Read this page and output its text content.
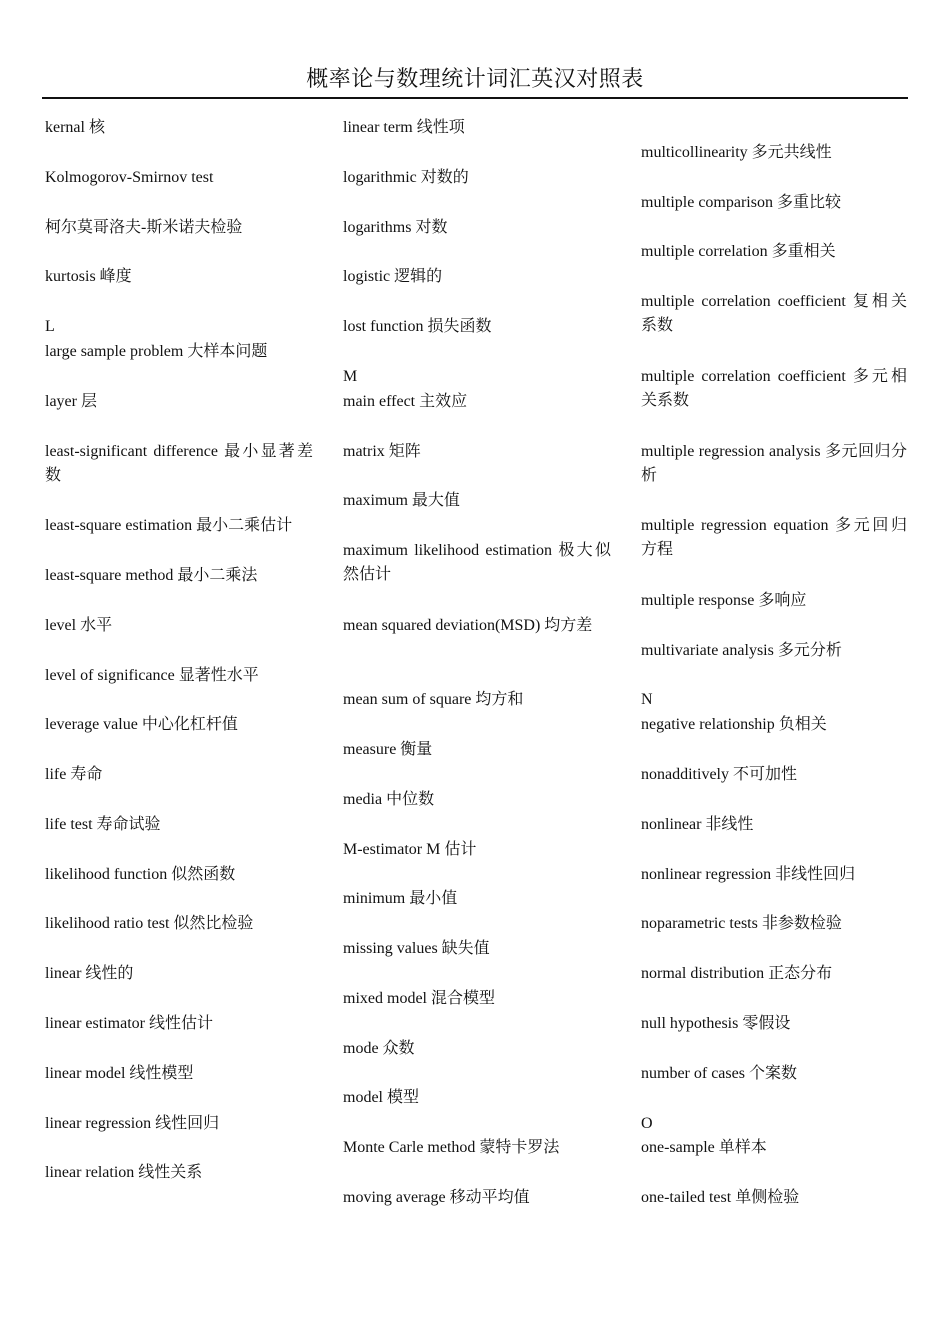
概率论与数理统计词汇英汉对照表
kernal 核
Kolmogorov-Smirnov test
柯尔莫哥洛夫-斯米诺夫检验
kurtosis 峰度
L
large sample problem 大样本问题
layer 层
least-significant difference 最小显著差数
least-square estimation 最小二乘估计
least-square method 最小二乘法
level 水平
level of significance 显著性水平
leverage value 中心化杠杆值
life 寿命
life test 寿命试验
likelihood function 似然函数
likelihood ratio test 似然比检验
linear 线性的
linear estimator 线性估计
linear model 线性模型
linear regression 线性回归
linear relation 线性关系
linear term 线性项
logarithmic 对数的
logarithms 对数
logistic 逻辑的
lost function 损失函数
M
main effect 主效应
matrix 矩阵
maximum 最大值
maximum likelihood estimation 极大似然估计
mean squared deviation(MSD) 均方差
mean sum of square 均方和
measure 衡量
media 中位数
M-estimator M 估计
minimum 最小值
missing values 缺失值
mixed model 混合模型
mode 众数
model 模型
Monte Carle method 蒙特卡罗法
moving average 移动平均值
multicollinearity 多元共线性
multiple comparison 多重比较
multiple correlation 多重相关
multiple correlation coefficient 复相关系数
multiple correlation coefficient 多元相关系数
multiple regression analysis 多元回归分析
multiple regression equation 多元回归方程
multiple response 多响应
multivariate analysis 多元分析
N
negative relationship 负相关
nonadditively 不可加性
nonlinear 非线性
nonlinear regression 非线性回归
noparametric tests 非参数检验
normal distribution 正态分布
null hypothesis 零假设
number of cases 个案数
O
one-sample 单样本
one-tailed test 单侧检验
